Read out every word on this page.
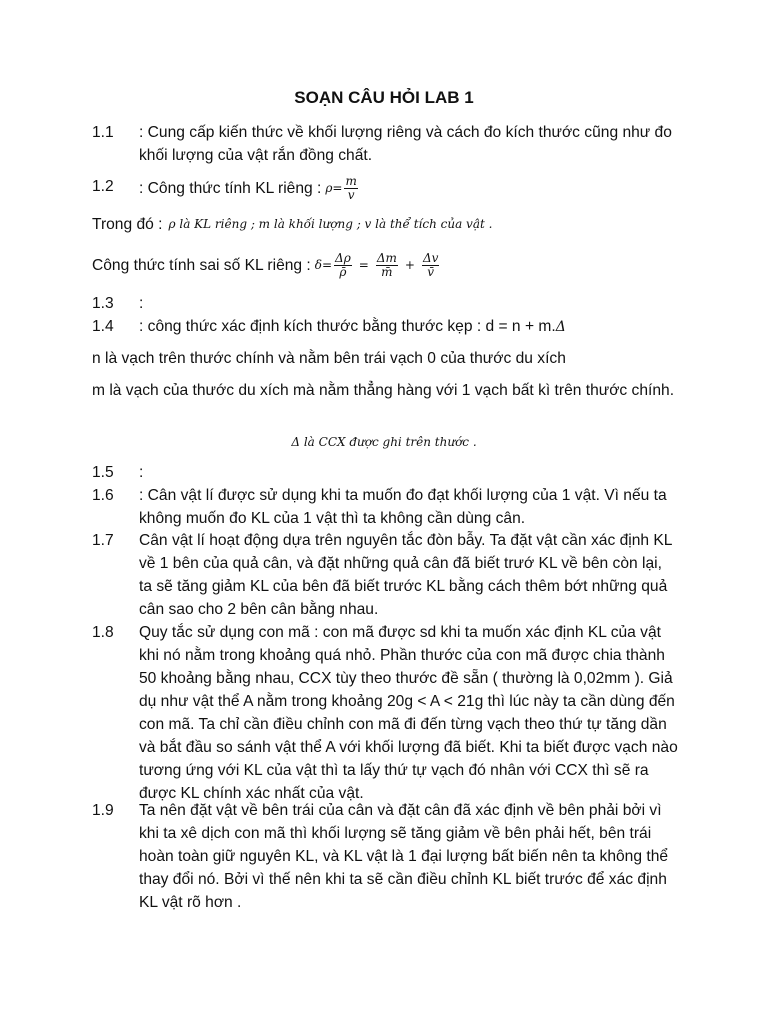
SOẠN CÂU HỎI LAB 1
1.1	: Cung cấp kiến thức về khối lượng riêng và cách đo kích thước cũng như đo khối lượng của vật rắn đồng chất.
1.2	: Công thức tính KL riêng : $\rho= \frac{m}{v}$
Trong đó : ρ là KL riêng ; m là khối lượng ; v là thể tích của vật .
Công thức tính sai số KL riêng : $\delta= \frac{\Delta\rho}{\rhō} = \frac{\Delta m}{m̄} + \frac{\Delta v}{v̄}$
1.3	:
1.4	: công thức xác định kích thước bằng thước kẹp : d = n + m.Δ
n là vạch trên thước chính và nằm bên trái vạch 0 của thước du xích
m là vạch của thước du xích mà nằm thẳng hàng với 1 vạch bất kì trên thước chính.
Δ là CCX được ghi trên thước .
1.5	:
1.6	: Cân vật lí được sử dụng khi ta muốn đo đạt khối lượng của 1 vật. Vì nếu ta không muốn đo KL của 1 vật thì ta không cần dùng cân.
1.7	Cân vật lí hoạt động dựa trên nguyên tắc đòn bẫy. Ta đặt vật cần xác định KL về 1 bên của quả cân, và đặt những quả cân đã biết trướ KL về bên còn lại, ta sẽ tăng giảm KL của bên đã biết trước KL bằng cách thêm bớt những quả cân sao cho 2 bên cân bằng nhau.
1.8	Quy tắc sử dụng con mã : con mã được sd khi ta muốn xác định KL của vật khi nó nằm trong khoảng quá nhỏ. Phần thước của con mã được chia thành 50 khoảng bằng nhau, CCX tùy theo thước đề sẵn ( thường là 0,02mm ). Giả dụ như vật thể A nằm trong khoảng 20g < A < 21g thì lúc này ta cần dùng đến con mã. Ta chỉ cần điều chỉnh con mã đi đến từng vạch theo thứ tự tăng dần và bắt đầu so sánh vật thể A với khối lượng đã biết. Khi ta biết được vạch nào tương ứng với KL của vật thì ta lấy thứ tự vạch đó nhân với CCX thì sẽ ra được KL chính xác nhất của vật.
1.9	Ta nên đặt vật về bên trái của cân và đặt cân đã xác định về bên phải bởi vì khi ta xê dịch con mã thì khối lượng sẽ tăng giảm về bên phải hết, bên trái hoàn toàn giữ nguyên KL, và KL vật là 1 đại lượng bất biến nên ta không thể thay đổi nó. Bởi vì thế nên khi ta sẽ cần điều chỉnh KL biết trước để xác định KL vật rõ hơn .
